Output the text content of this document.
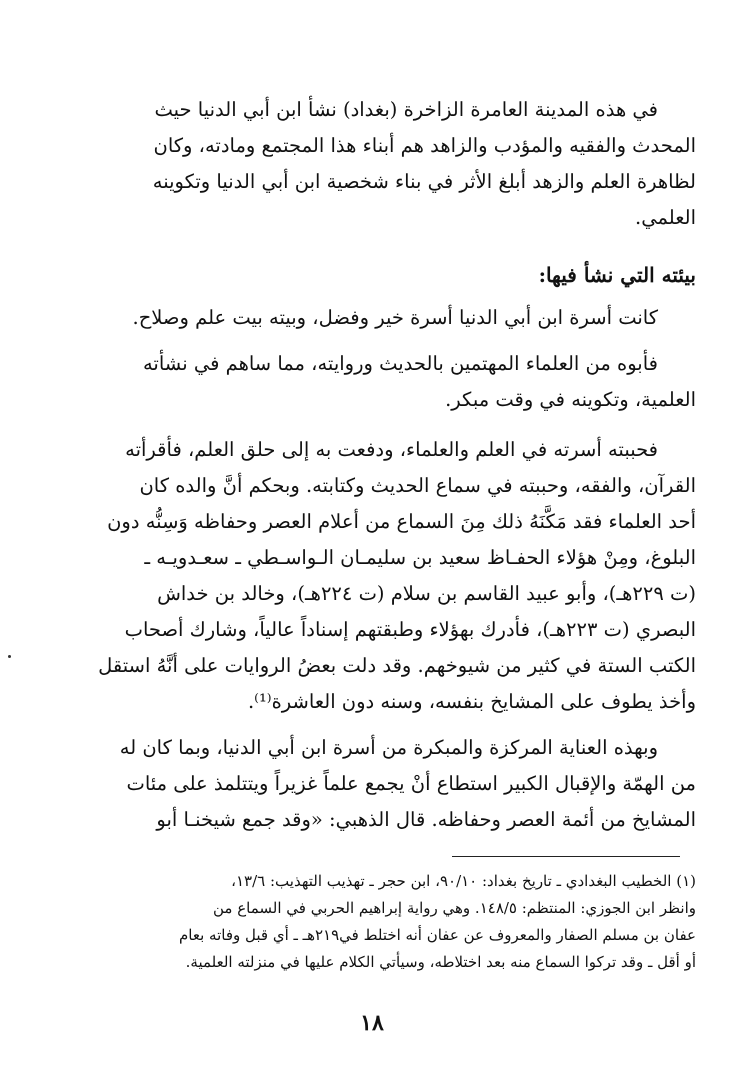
في هذه المدينة العامرة الزاخرة (بغداد) نشأ ابن أبي الدنيا حيث
المحدث والفقيه والمؤدب والزاهد هم أبناء هذا المجتمع ومادته، وكان
لظاهرة العلم والزهد أبلغ الأثر في بناء شخصية ابن أبي الدنيا وتكوينه
العلمي.

بيئته التي نشأ فيها:

كانت أسرة ابن أبي الدنيا أسرة خير وفضل، وبيته بيت علم وصلاح.

فأبوه من العلماء المهتمين بالحديث وروايته، مما ساهم في نشأته
العلمية، وتكوينه في وقت مبكر.

فحببته أسرته في العلم والعلماء، ودفعت به إلى حلق العلم، فأقرأته
القرآن، والفقه، وحببته في سماع الحديث وكتابته. وبحكم أنَّ والده كان
أحد العلماء فقد مَكَّنَهُ ذلك مِنَ السماع من أعلام العصر وحفاظه وَسِنُّه دون
البلوغ، ومِنْ هؤلاء الحفـاظ سعيد بن سليمـان الـواسـطي ـ سعـدويـه ـ
(ت ٢٢٩هـ)، وأبو عبيد القاسم بن سلام (ت ٢٢٤هـ)، وخالد بن خداش
البصري (ت ٢٢٣هـ)، فأدرك بهؤلاء وطبقتهم إسناداً عالياً، وشارك أصحاب
الكتب الستة في كثير من شيوخهم. وقد دلت بعضُ الروايات على أنَّهُ استقل
وأخذ يطوف على المشايخ بنفسه، وسنه دون العاشرة⁽¹⁾.

وبهذه العناية المركزة والمبكرة من أسرة ابن أبي الدنيا، وبما كان له
من الهمّة والإقبال الكبير استطاع أنْ يجمع علماً غزيراً ويتتلمذ على مئات
المشايخ من أئمة العصر وحفاظه. قال الذهبي: «وقد جمع شيخنـا أبو

(١) الخطيب البغدادي ـ تاريخ بغداد: ٩٠/١٠، ابن حجر ـ تهذيب التهذيب: ١٣/٦،
وانظر ابن الجوزي: المنتظم: ١٤٨/٥. وهي رواية إبراهيم الحربي في السماع من
عفان بن مسلم الصفار والمعروف عن عفان أنه اختلط في٢١٩هـ ـ أي قبل وفاته بعام
أو أقل ـ وقد تركوا السماع منه بعد اختلاطه، وسيأتي الكلام عليها في منزلته العلمية.
١٨
